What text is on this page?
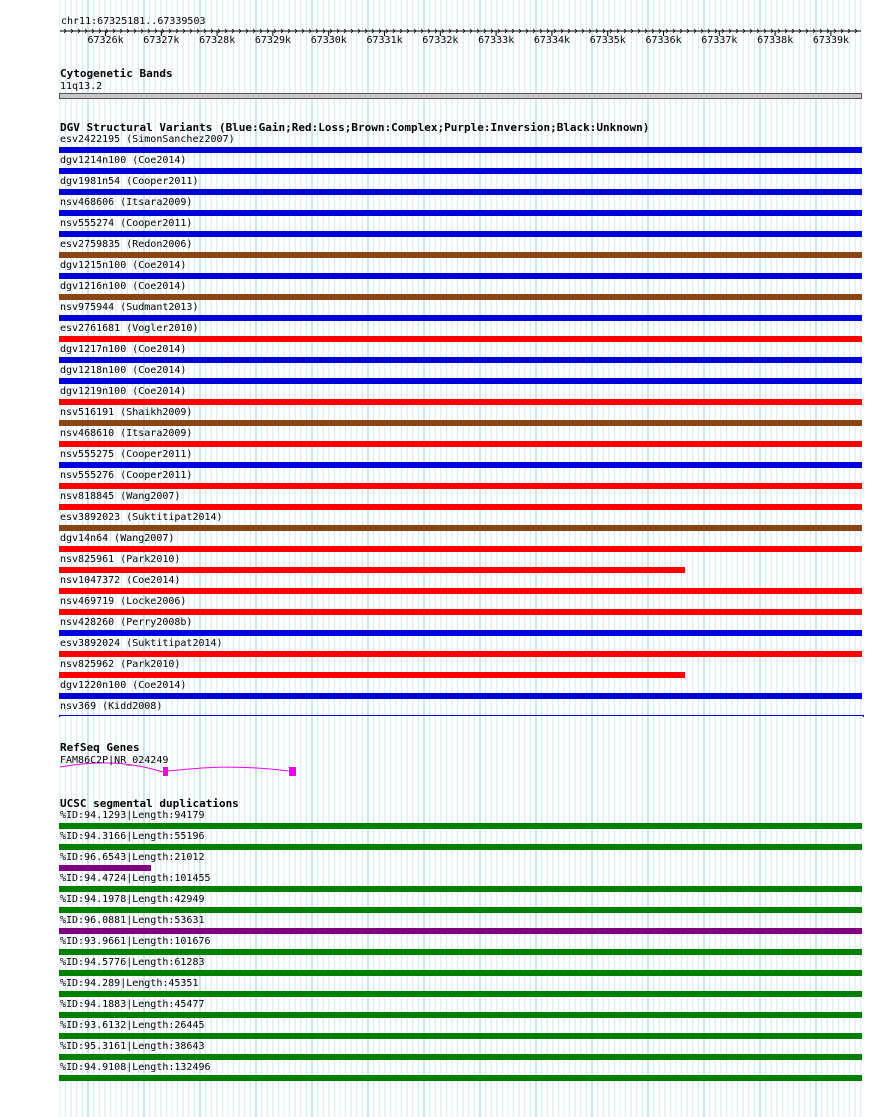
chr11:67325181..67339503
67326k 67327k 67328k 67329k 67330k 67331k 67332k 67333k 67334k 67335k 67336k 67337k 67338k 67339k
Cytogenetic Bands
11q13.2
DGV Structural Variants (Blue:Gain;Red:Loss;Brown:Complex;Purple:Inversion;Black:Unknown)
esv2422195 (SimonSanchez2007)
dgv1214n100 (Coe2014)
dgv1981n54 (Cooper2011)
nsv468606 (Itsara2009)
nsv555274 (Cooper2011)
esv2759835 (Redon2006)
dgv1215n100 (Coe2014)
dgv1216n100 (Coe2014)
nsv975944 (Sudmant2013)
esv2761681 (Vogler2010)
dgv1217n100 (Coe2014)
dgv1218n100 (Coe2014)
dgv1219n100 (Coe2014)
nsv516191 (Shaikh2009)
nsv468610 (Itsara2009)
nsv555275 (Cooper2011)
nsv555276 (Cooper2011)
nsv818845 (Wang2007)
esv3892023 (Suktitipat2014)
dgv14n64 (Wang2007)
nsv825961 (Park2010)
nsv1047372 (Coe2014)
nsv469719 (Locke2006)
nsv428260 (Perry2008b)
esv3892024 (Suktitipat2014)
nsv825962 (Park2010)
dgv1220n100 (Coe2014)
nsv369 (Kidd2008)
RefSeq Genes
FAM86C2P|NR_024249
UCSC segmental duplications
%ID:94.1293|Length:94179
%ID:94.3166|Length:55196
%ID:96.6543|Length:21012
%ID:94.4724|Length:101455
%ID:94.1978|Length:42949
%ID:96.0881|Length:53631
%ID:93.9661|Length:101676
%ID:94.5776|Length:61283
%ID:94.289|Length:45351
%ID:94.1883|Length:45477
%ID:93.6132|Length:26445
%ID:95.3161|Length:38643
%ID:94.9108|Length:132496
